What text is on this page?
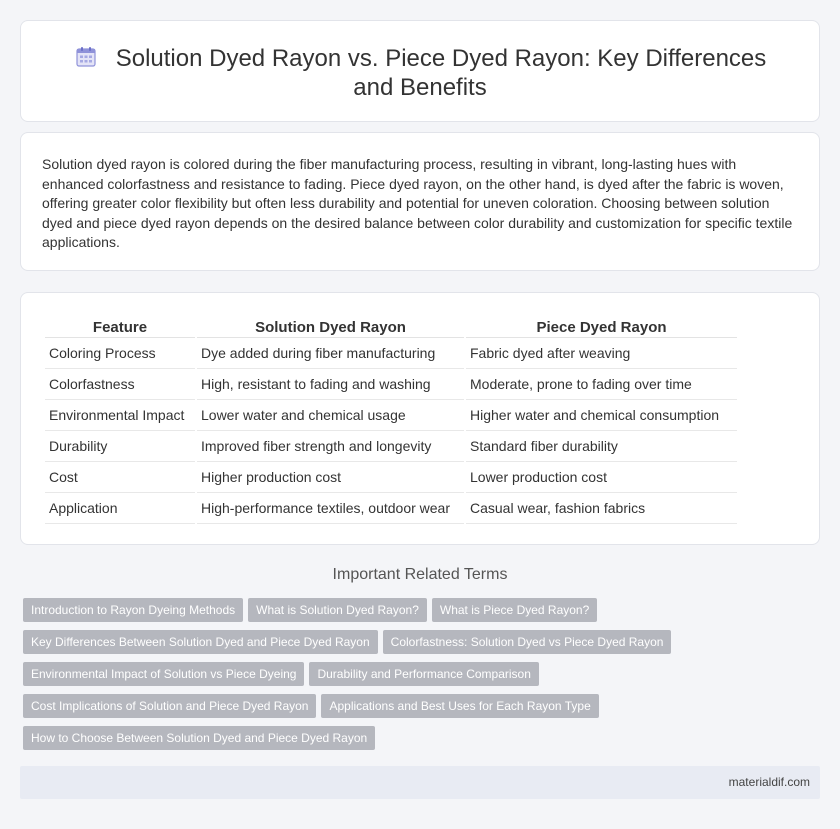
Solution Dyed Rayon vs. Piece Dyed Rayon: Key Differences and Benefits

Solution dyed rayon is colored during the fiber manufacturing process, resulting in vibrant, long-lasting hues with enhanced colorfastness and resistance to fading. Piece dyed rayon, on the other hand, is dyed after the fabric is woven, offering greater color flexibility but often less durability and potential for uneven coloration. Choosing between solution dyed and piece dyed rayon depends on the desired balance between color durability and customization for specific textile applications.

Feature	Solution Dyed Rayon	Piece Dyed Rayon
Coloring Process	Dye added during fiber manufacturing	Fabric dyed after weaving
Colorfastness	High, resistant to fading and washing	Moderate, prone to fading over time
Environmental Impact	Lower water and chemical usage	Higher water and chemical consumption
Durability	Improved fiber strength and longevity	Standard fiber durability
Cost	Higher production cost	Lower production cost
Application	High-performance textiles, outdoor wear	Casual wear, fashion fabrics
Important Related Terms
Introduction to Rayon Dyeing Methods What is Solution Dyed Rayon? What is Piece Dyed Rayon?
Key Differences Between Solution Dyed and Piece Dyed Rayon Colorfastness: Solution Dyed vs Piece Dyed Rayon
Environmental Impact of Solution vs Piece Dyeing Durability and Performance Comparison
Cost Implications of Solution and Piece Dyed Rayon Applications and Best Uses for Each Rayon Type
How to Choose Between Solution Dyed and Piece Dyed Rayon
materialdif.com
